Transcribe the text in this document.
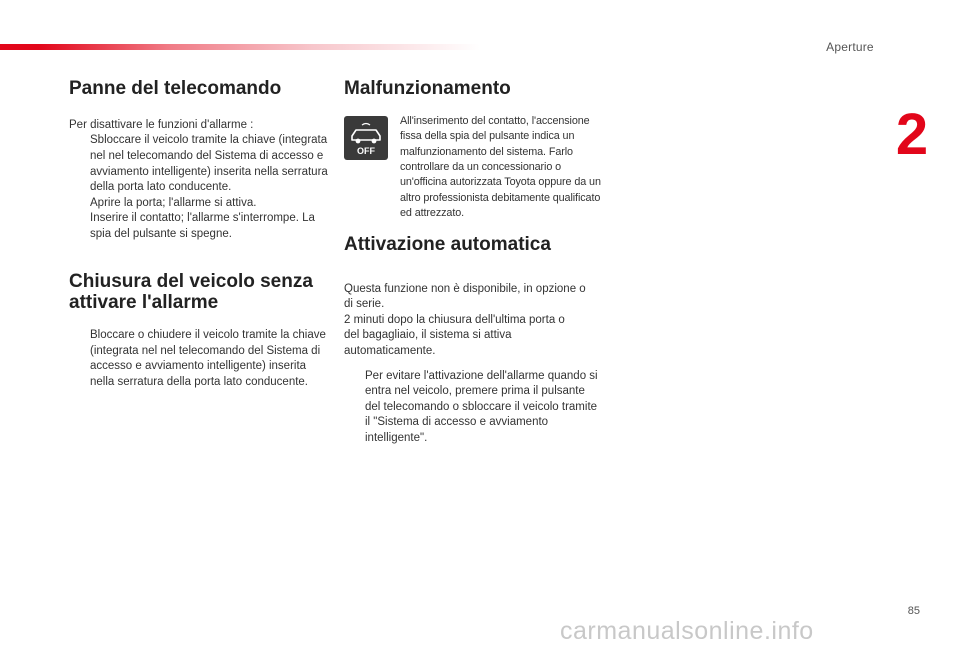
Aperture
2
Panne del telecomando

Per disattivare le funzioni d'allarme :

Sbloccare il veicolo tramite la chiave (integrata nel nel telecomando del Sistema di accesso e avviamento intelligente) inserita nella serratura della porta lato conducente.
Aprire la porta; l'allarme si attiva.
Inserire il contatto; l'allarme s'interrompe. La spia del pulsante si spegne.
Chiusura del veicolo senza attivare l'allarme
Bloccare o chiudere il veicolo tramite la chiave (integrata nel nel telecomando del Sistema di accesso e avviamento intelligente) inserita nella serratura della porta lato conducente.
Malfunzionamento
OFF

All'inserimento del contatto, l'accensione fissa della spia del pulsante indica un malfunzionamento del sistema. Farlo controllare da un concessionario o un'officina autorizzata Toyota oppure da un altro professionista debitamente qualificato ed attrezzato.

Attivazione automatica

Questa funzione non è disponibile, in opzione o di serie.

2 minuti dopo la chiusura dell'ultima porta o del bagagliaio, il sistema si attiva automaticamente.

Per evitare l'attivazione dell'allarme quando si entra nel veicolo, premere prima il pulsante del telecomando o sbloccare il veicolo tramite il "Sistema di accesso e avviamento intelligente".
85
carmanualsonline.info
